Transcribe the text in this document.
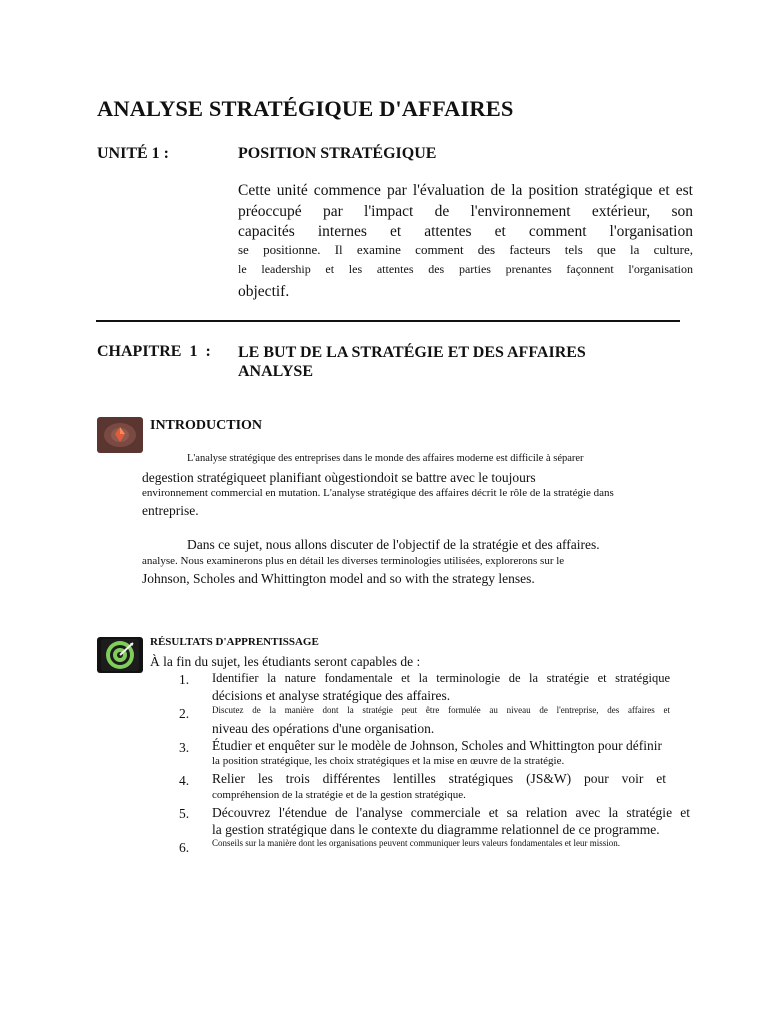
ANALYSE STRATÉGIQUE D'AFFAIRES
UNITÉ 1 :	POSITION STRATÉGIQUE
Cette unité commence par l'évaluation de la position stratégique et est
préoccupé par l'impact de l'environnement extérieur, son
capacités internes et attentes et comment l'organisation
se positionne. Il examine comment des facteurs tels que la culture,
le leadership et les attentes des parties prenantes façonnent l'organisation
objectif.
CHAPITRE 1 : LE BUT DE LA STRATÉGIE ET DES AFFAIRES
ANALYSE
INTRODUCTION
L'analyse stratégique des entreprises dans le monde des affaires moderne est difficile à séparer
degestion stratégiqueet planifiant oùgestiondoit se battre avec le toujours
environnement commercial en mutation. L'analyse stratégique des affaires décrit le rôle de la stratégie dans
entreprise.
Dans ce sujet, nous allons discuter de l'objectif de la stratégie et des affaires.
analyse. Nous examinerons plus en détail les diverses terminologies utilisées, explorerons sur le
Johnson, Scholes and Whittington model and so with the strategy lenses.
RÉSULTATS D'APPRENTISSAGE
À la fin du sujet, les étudiants seront capables de :
1. Identifier la nature fondamentale et la terminologie de la stratégie et stratégique
décisions et analyse stratégique des affaires.
2.	Discutez de la manière dont la stratégie peut être formulée au niveau de l'entreprise, des affaires et
niveau des opérations d'une organisation.
3. Étudier et enquêter sur le modèle de Johnson, Scholes and Whittington pour définir
la position stratégique, les choix stratégiques et la mise en œuvre de la stratégie.
4. Relier les trois différentes lentilles stratégiques (JS&W) pour voir et
compréhension de la stratégie et de la gestion stratégique.
5. Découvrez l'étendue de l'analyse commerciale et sa relation avec la stratégie et
la gestion stratégique dans le contexte du diagramme relationnel de ce programme.
6.	Conseils sur la manière dont les organisations peuvent communiquer leurs valeurs fondamentales et leur mission.
